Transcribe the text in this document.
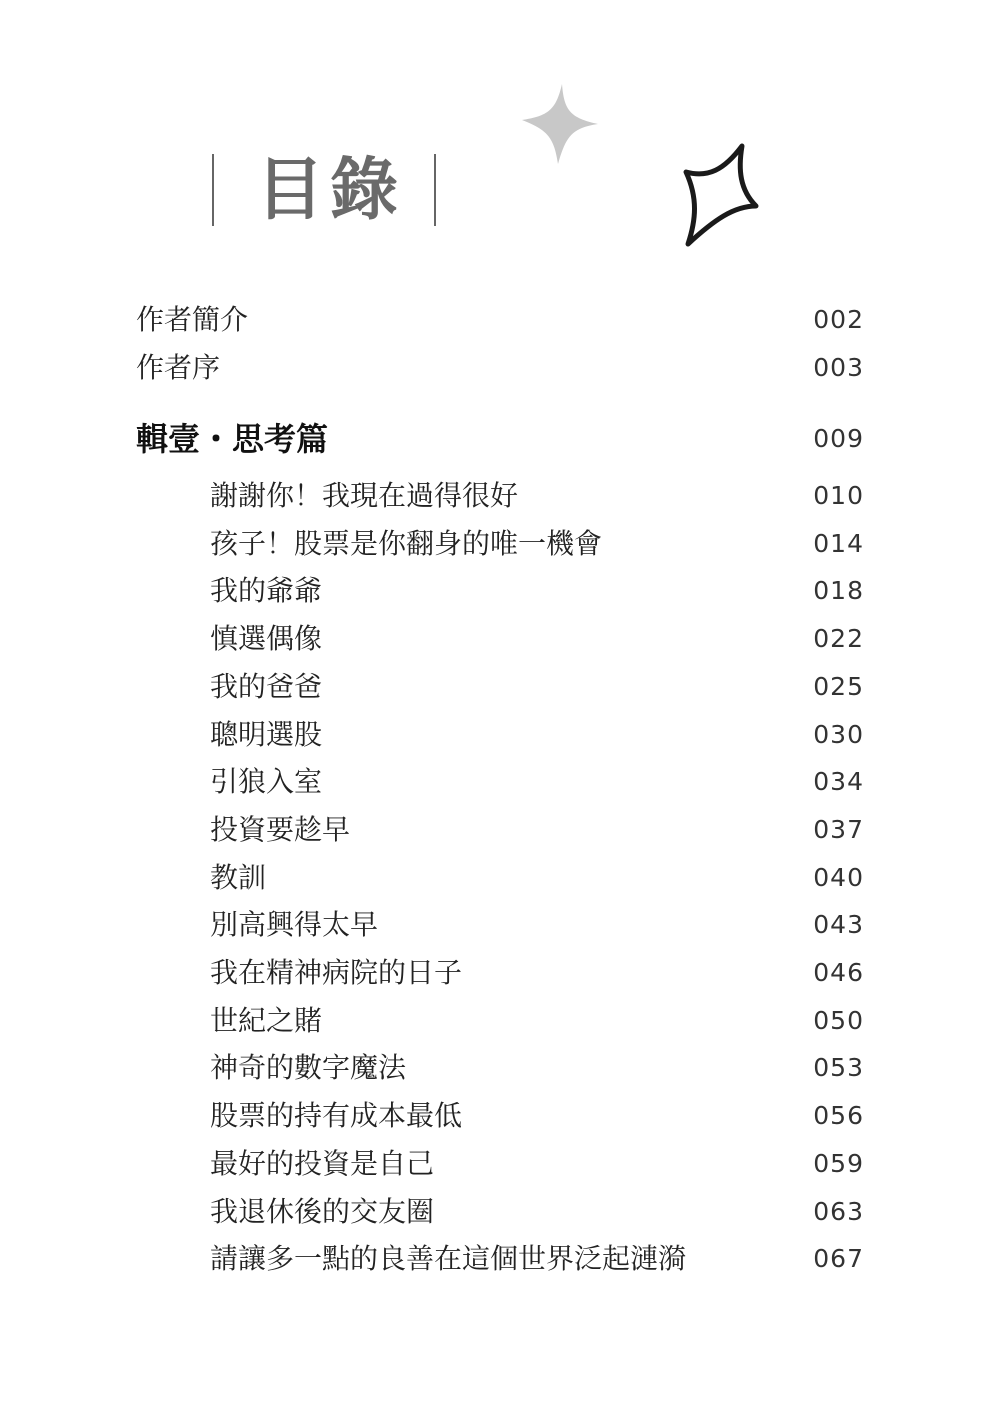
目錄
作者簡介	002
作者序	003
輯壹・思考篇	009
謝謝你！我現在過得很好	010
孩子！股票是你翻身的唯一機會	014
我的爺爺	018
慎選偶像	022
我的爸爸	025
聰明選股	030
引狼入室	034
投資要趁早	037
教訓	040
別高興得太早	043
我在精神病院的日子	046
世紀之賭	050
神奇的數字魔法	053
股票的持有成本最低	056
最好的投資是自己	059
我退休後的交友圈	063
請讓多一點的良善在這個世界泛起漣漪	067
